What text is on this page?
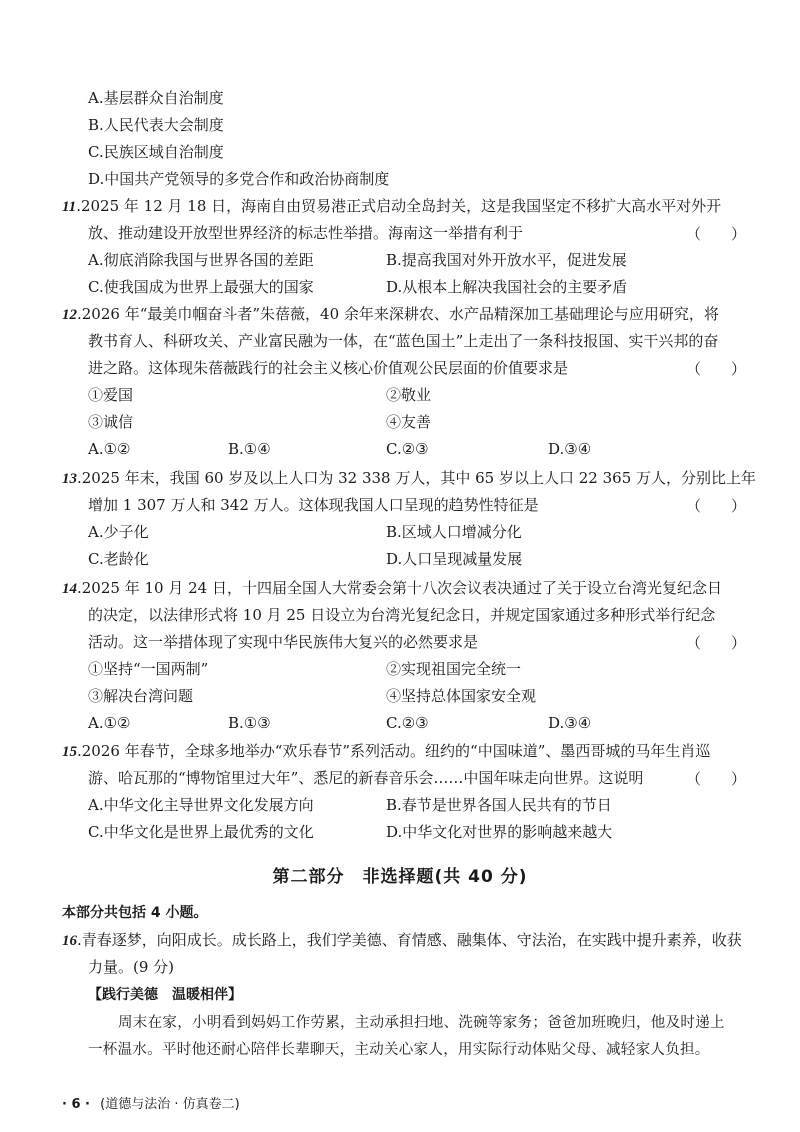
A.基层群众自治制度
B.人民代表大会制度
C.民族区域自治制度
D.中国共产党领导的多党合作和政治协商制度
11.2025 年 12 月 18 日，海南自由贸易港正式启动全岛封关，这是我国坚定不移扩大高水平对外开
放、推动建设开放型世界经济的标志性举措。海南这一举措有利于	（　　）
A.彻底消除我国与世界各国的差距	B.提高我国对外开放水平，促进发展
C.使我国成为世界上最强大的国家	D.从根本上解决我国社会的主要矛盾
12.2026 年“最美巾帼奋斗者”朱蓓薇，40 余年来深耕农、水产品精深加工基础理论与应用研究，将
教书育人、科研攻关、产业富民融为一体，在“蓝色国土”上走出了一条科技报国、实干兴邦的奋
进之路。这体现朱蓓薇践行的社会主义核心价值观公民层面的价值要求是	（　　）
①爱国	②敬业
③诚信	④友善
A.①②	B.①④	C.②③	D.③④
13.2025 年末，我国 60 岁及以上人口为 32 338 万人，其中 65 岁以上人口 22 365 万人，分别比上年
增加 1 307 万人和 342 万人。这体现我国人口呈现的趋势性特征是	（　　）
A.少子化	B.区域人口增减分化
C.老龄化	D.人口呈现减量发展
14.2025 年 10 月 24 日，十四届全国人大常委会第十八次会议表决通过了关于设立台湾光复纪念日
的决定，以法律形式将 10 月 25 日设立为台湾光复纪念日，并规定国家通过多种形式举行纪念
活动。这一举措体现了实现中华民族伟大复兴的必然要求是	（　　）
①坚持“一国两制”	②实现祖国完全统一
③解决台湾问题	④坚持总体国家安全观
A.①②	B.①③	C.②③	D.③④
15.2026 年春节，全球多地举办“欢乐春节”系列活动。纽约的“中国味道”、墨西哥城的马年生肖巡
游、哈瓦那的“博物馆里过大年”、悉尼的新春音乐会……中国年味走向世界。这说明	（　　）
A.中华文化主导世界文化发展方向	B.春节是世界各国人民共有的节日
C.中华文化是世界上最优秀的文化	D.中华文化对世界的影响越来越大
第二部分　非选择题(共 40 分)
本部分共包括 4 小题。
16.青春逐梦，向阳成长。成长路上，我们学美德、育情感、融集体、守法治，在实践中提升素养，收获
力量。(9 分)
【践行美德　温暖相伴】
周末在家，小明看到妈妈工作劳累，主动承担扫地、洗碗等家务；爸爸加班晚归，他及时递上
一杯温水。平时他还耐心陪伴长辈聊天，主动关心家人，用实际行动体贴父母、减轻家人负担。
· 6 · (道德与法治 · 仿真卷二)
